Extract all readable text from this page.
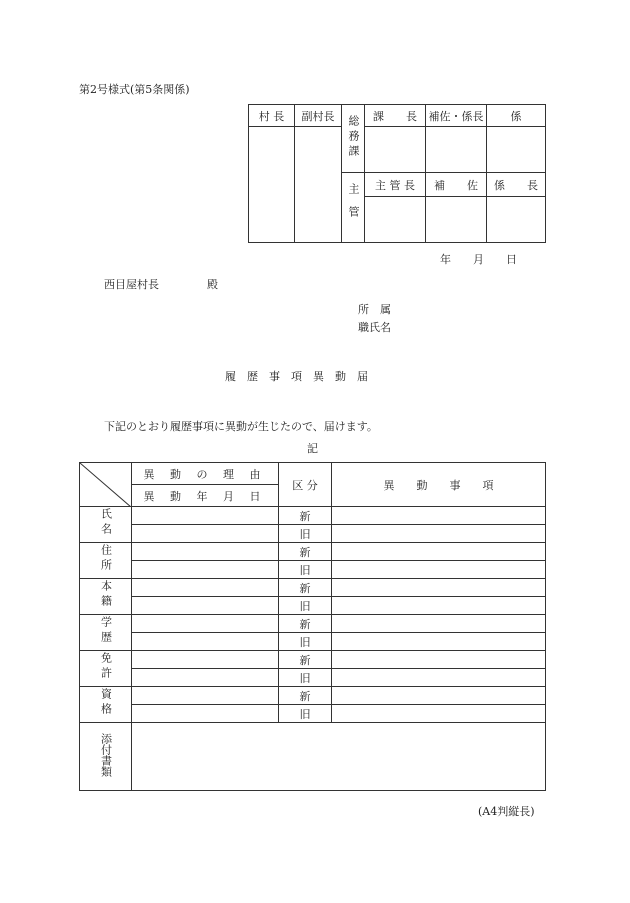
第2号様式(第5条関係)
村 長	副村長	総務課	課　　長	補佐・係長	係

		主管	主 管 長	補　　佐	係　　長

年　　月　　日
西目屋村長	殿
所　属
職氏名
履　歴　事　項　異　動　届
下記のとおり履歴事項に異動が生じたので、届けます。
記
	異 動 の 理 由	区 分	異　　動　　事　　項
	異 動 年 月 日		
氏名		新	
		旧	
住所		新	
		旧	
本籍		新	
		旧	
学歴		新	
		旧	
免許		新	
		旧	
資格		新	
		旧	
添付書類			
(A4判縦長)
